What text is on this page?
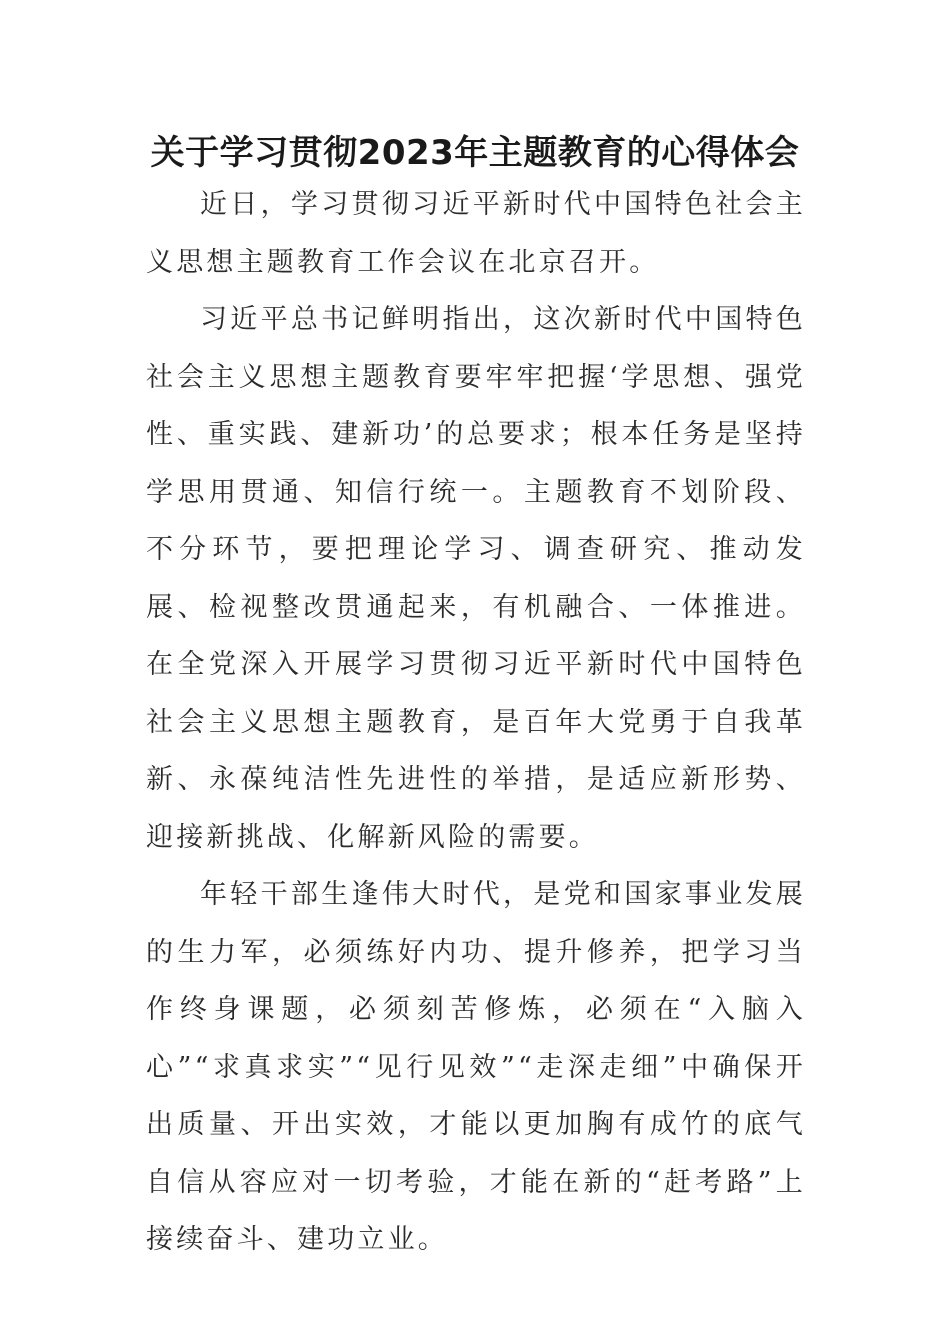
关于学习贯彻2023年主题教育的心得体会

近日，学习贯彻习近平新时代中国特色社会主义思想主题教育工作会议在北京召开。

习近平总书记鲜明指出，这次新时代中国特色社会主义思想主题教育要牢牢把握‘学思想、强党性、重实践、建新功’的总要求；根本任务是坚持学思用贯通、知信行统一。主题教育不划阶段、不分环节，要把理论学习、调查研究、推动发展、检视整改贯通起来，有机融合、一体推进。在全党深入开展学习贯彻习近平新时代中国特色社会主义思想主题教育，是百年大党勇于自我革新、永葆纯洁性先进性的举措，是适应新形势、迎接新挑战、化解新风险的需要。

年轻干部生逢伟大时代，是党和国家事业发展的生力军，必须练好内功、提升修养，把学习当作终身课题，必须刻苦修炼，必须在“入脑入心”“求真求实”“见行见效”“走深走细”中确保开出质量、开出实效，才能以更加胸有成竹的底气自信从容应对一切考验，才能在新的“赶考路”上接续奋斗、建功立业。
